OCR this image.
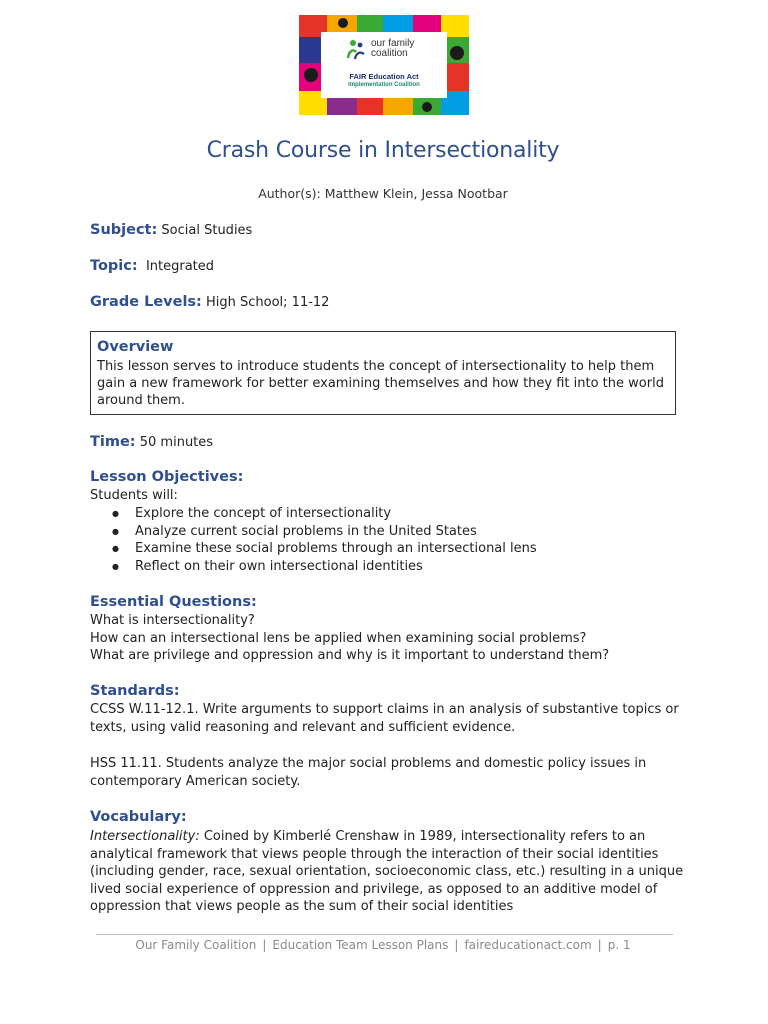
our family
coalition
FAIR Education Act
Implementation Coalition
Crash Course in Intersectionality
Author(s): Matthew Klein, Jessa Nootbar
Subject: Social Studies
Topic: Integrated
Grade Levels: High School; 11-12
Overview

This lesson serves to introduce students the concept of intersectionality to help them gain a new framework for better examining themselves and how they fit into the world around them.

Time: 50 minutes
Lesson Objectives:
Students will:
● Explore the concept of intersectionality
● Analyze current social problems in the United States
● Examine these social problems through an intersectional lens
● Reflect on their own intersectional identities
Essential Questions:
What is intersectionality?
How can an intersectional lens be applied when examining social problems?
What are privilege and oppression and why is it important to understand them?
Standards:
CCSS W.11-12.1. Write arguments to support claims in an analysis of substantive topics or
texts, using valid reasoning and relevant and sufficient evidence.
HSS 11.11. Students analyze the major social problems and domestic policy issues in
contemporary American society.
Vocabulary:
Intersectionality: Coined by Kimberlé Crenshaw in 1989, intersectionality refers to an
analytical framework that views people through the interaction of their social identities
(including gender, race, sexual orientation, socioeconomic class, etc.) resulting in a unique
lived social experience of oppression and privilege, as opposed to an additive model of
oppression that views people as the sum of their social identities
Our Family Coalition | Education Team Lesson Plans | faireducationact.com | p. 1
